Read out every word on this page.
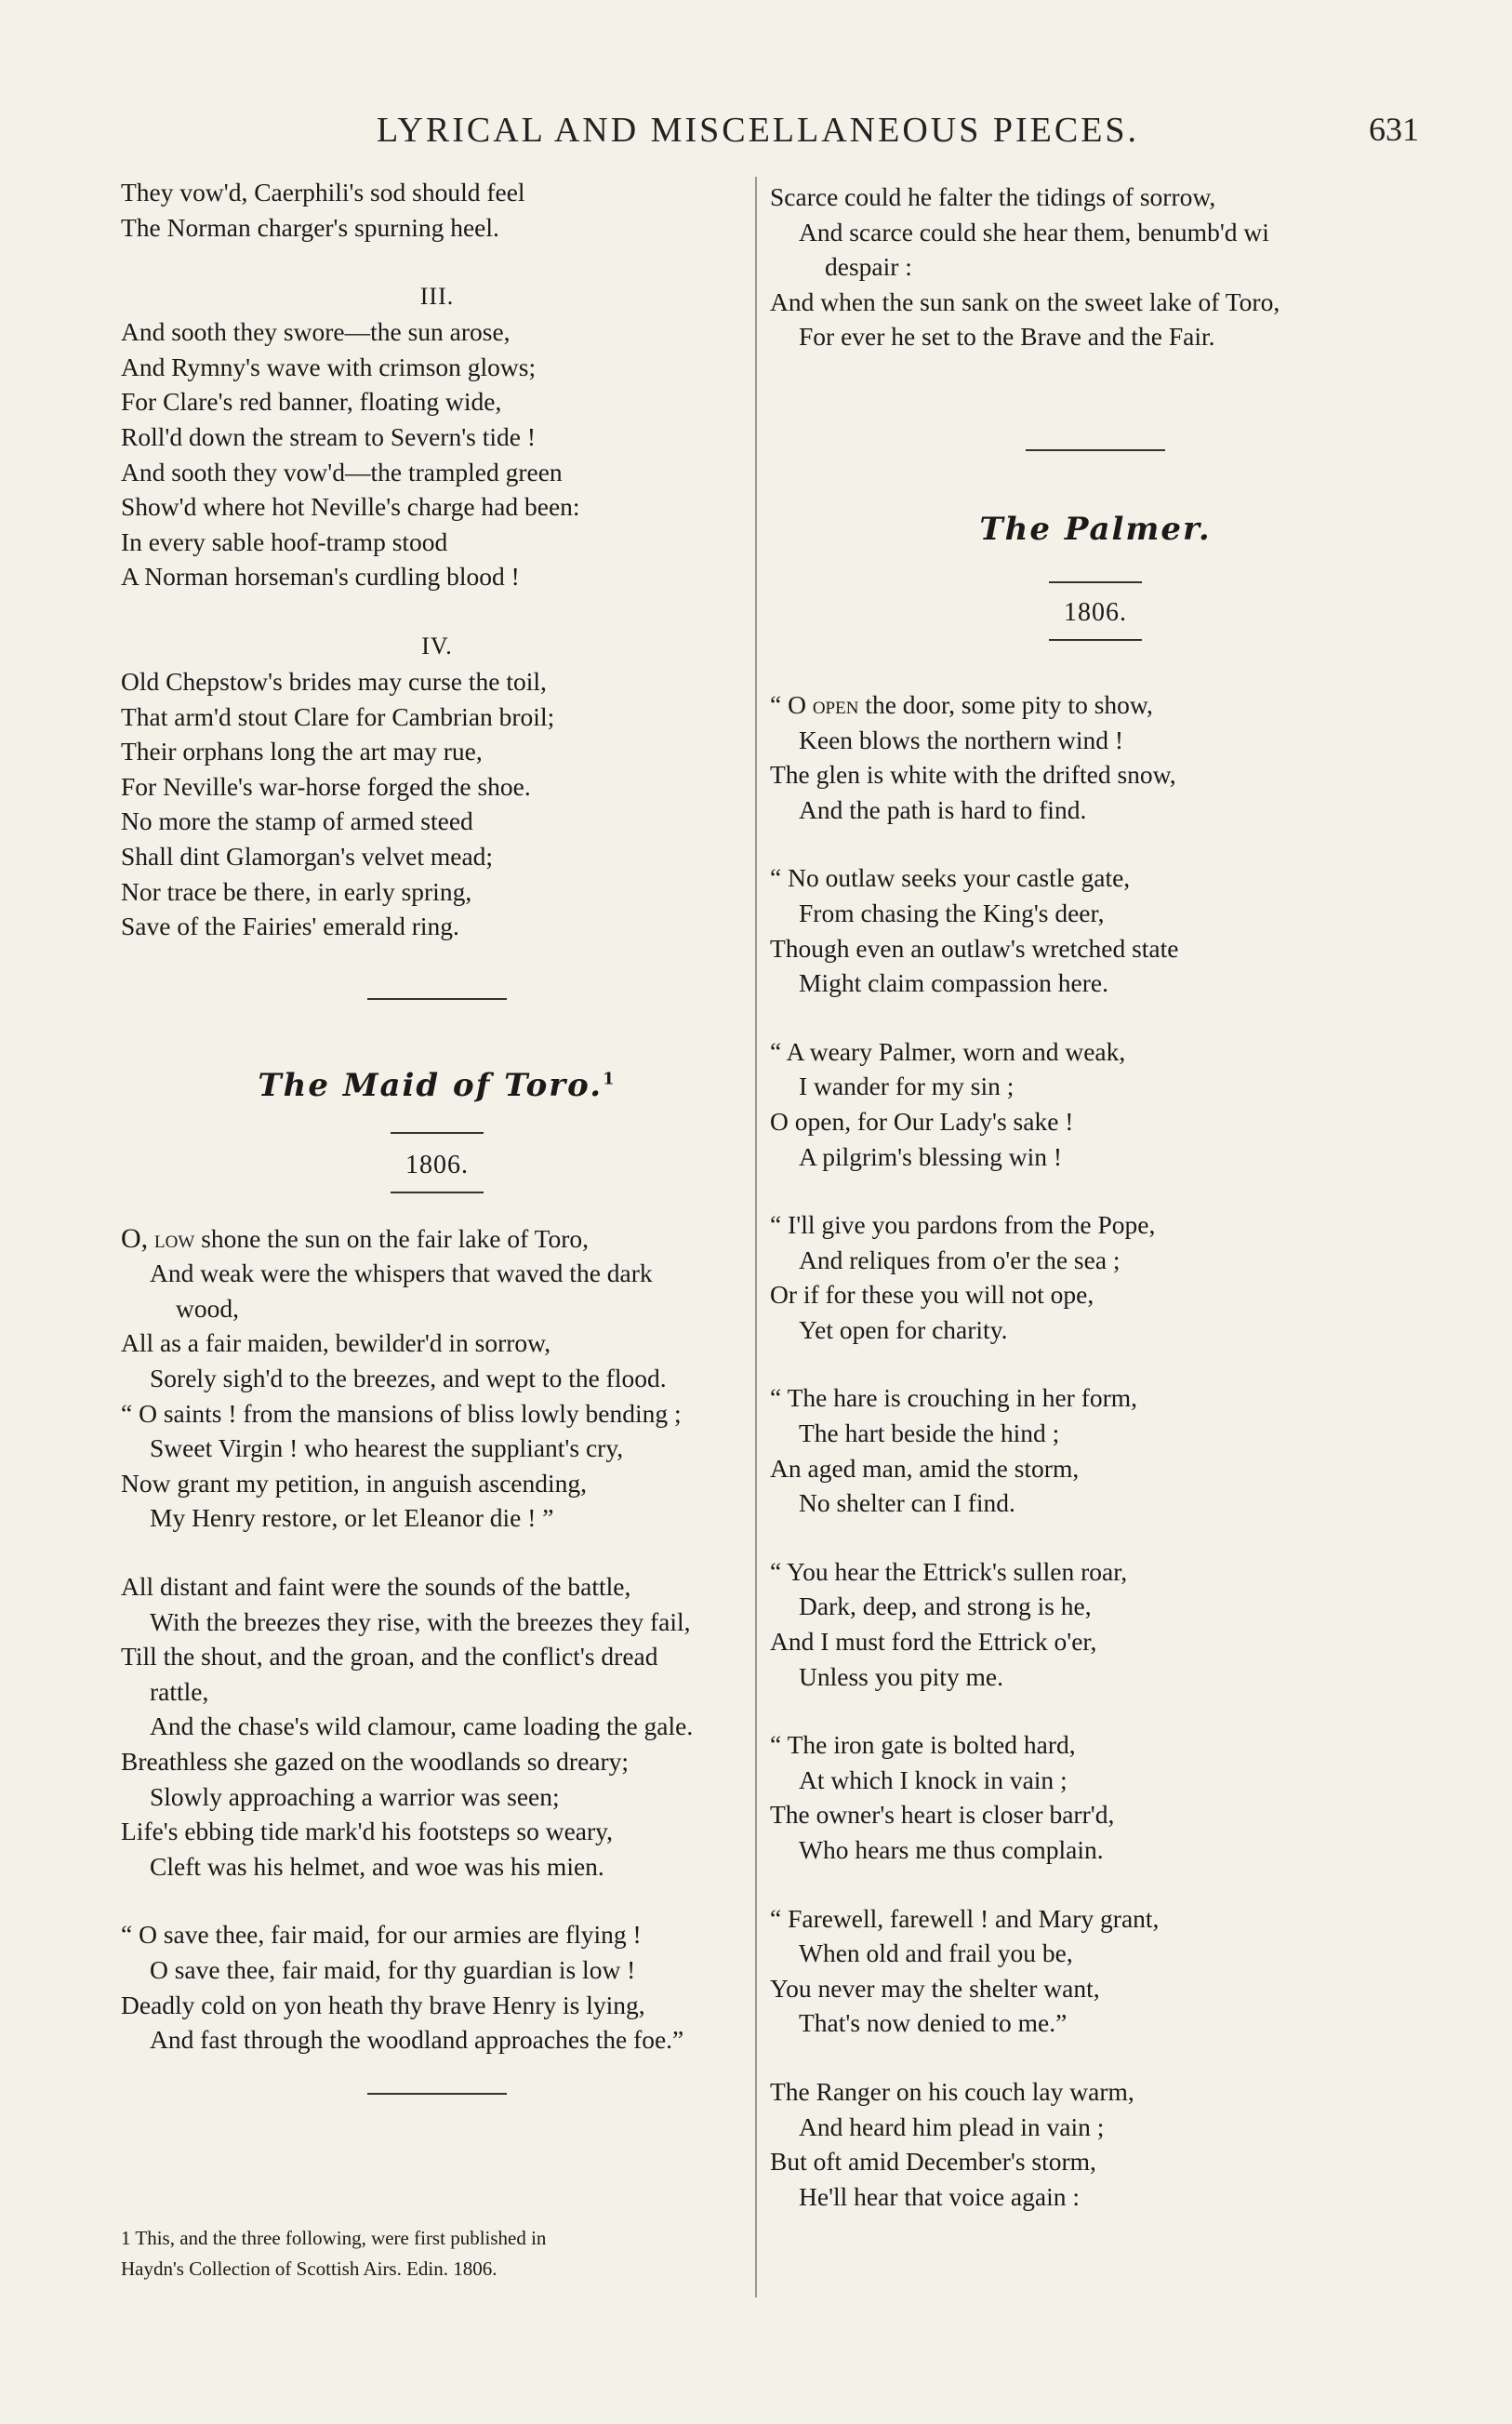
LYRICAL AND MISCELLANEOUS PIECES.	631
They vow'd, Caerphili's sod should feel
The Norman charger's spurning heel.
III.
And sooth they swore—the sun arose,
And Rymny's wave with crimson glows;
For Clare's red banner, floating wide,
Roll'd down the stream to Severn's tide !
And sooth they vow'd—the trampled green
Show'd where hot Neville's charge had been:
In every sable hoof-tramp stood
A Norman horseman's curdling blood !
IV.
Old Chepstow's brides may curse the toil,
That arm'd stout Clare for Cambrian broil;
Their orphans long the art may rue,
For Neville's war-horse forged the shoe.
No more the stamp of armed steed
Shall dint Glamorgan's velvet mead;
Nor trace be there, in early spring,
Save of the Fairies' emerald ring.
The Maid of Toro.$^1$
1806.
O, low shone the sun on the fair lake of Toro,
And weak were the whispers that waved the dark
wood,
All as a fair maiden, bewilder'd in sorrow,
Sorely sigh'd to the breezes, and wept to the flood.
“ O saints ! from the mansions of bliss lowly bending ;
Sweet Virgin ! who hearest the suppliant's cry,
Now grant my petition, in anguish ascending,
My Henry restore, or let Eleanor die ! ”
All distant and faint were the sounds of the battle,
With the breezes they rise, with the breezes they fail,
Till the shout, and the groan, and the conflict's dread
rattle,
And the chase's wild clamour, came loading the gale.
Breathless she gazed on the woodlands so dreary;
Slowly approaching a warrior was seen;
Life's ebbing tide mark'd his footsteps so weary,
Cleft was his helmet, and woe was his mien.
“ O save thee, fair maid, for our armies are flying !
O save thee, fair maid, for thy guardian is low !
Deadly cold on yon heath thy brave Henry is lying,
And fast through the woodland approaches the foe.”
1 This, and the three following, were first published in
Haydn's Collection of Scottish Airs. Edin. 1806.
Scarce could he falter the tidings of sorrow,
And scarce could she hear them, benumb'd wi
despair :
And when the sun sank on the sweet lake of Toro,
For ever he set to the Brave and the Fair.
The Palmer.
1806.
“ O open the door, some pity to show,
Keen blows the northern wind !
The glen is white with the drifted snow,
And the path is hard to find.
“ No outlaw seeks your castle gate,
From chasing the King's deer,
Though even an outlaw's wretched state
Might claim compassion here.
“ A weary Palmer, worn and weak,
I wander for my sin ;
O open, for Our Lady's sake !
A pilgrim's blessing win !
“ I'll give you pardons from the Pope,
And reliques from o'er the sea ;
Or if for these you will not ope,
Yet open for charity.
“ The hare is crouching in her form,
The hart beside the hind ;
An aged man, amid the storm,
No shelter can I find.
“ You hear the Ettrick's sullen roar,
Dark, deep, and strong is he,
And I must ford the Ettrick o'er,
Unless you pity me.
“ The iron gate is bolted hard,
At which I knock in vain ;
The owner's heart is closer barr'd,
Who hears me thus complain.
“ Farewell, farewell ! and Mary grant,
When old and frail you be,
You never may the shelter want,
That's now denied to me.”
The Ranger on his couch lay warm,
And heard him plead in vain ;
But oft amid December's storm,
He'll hear that voice again :
